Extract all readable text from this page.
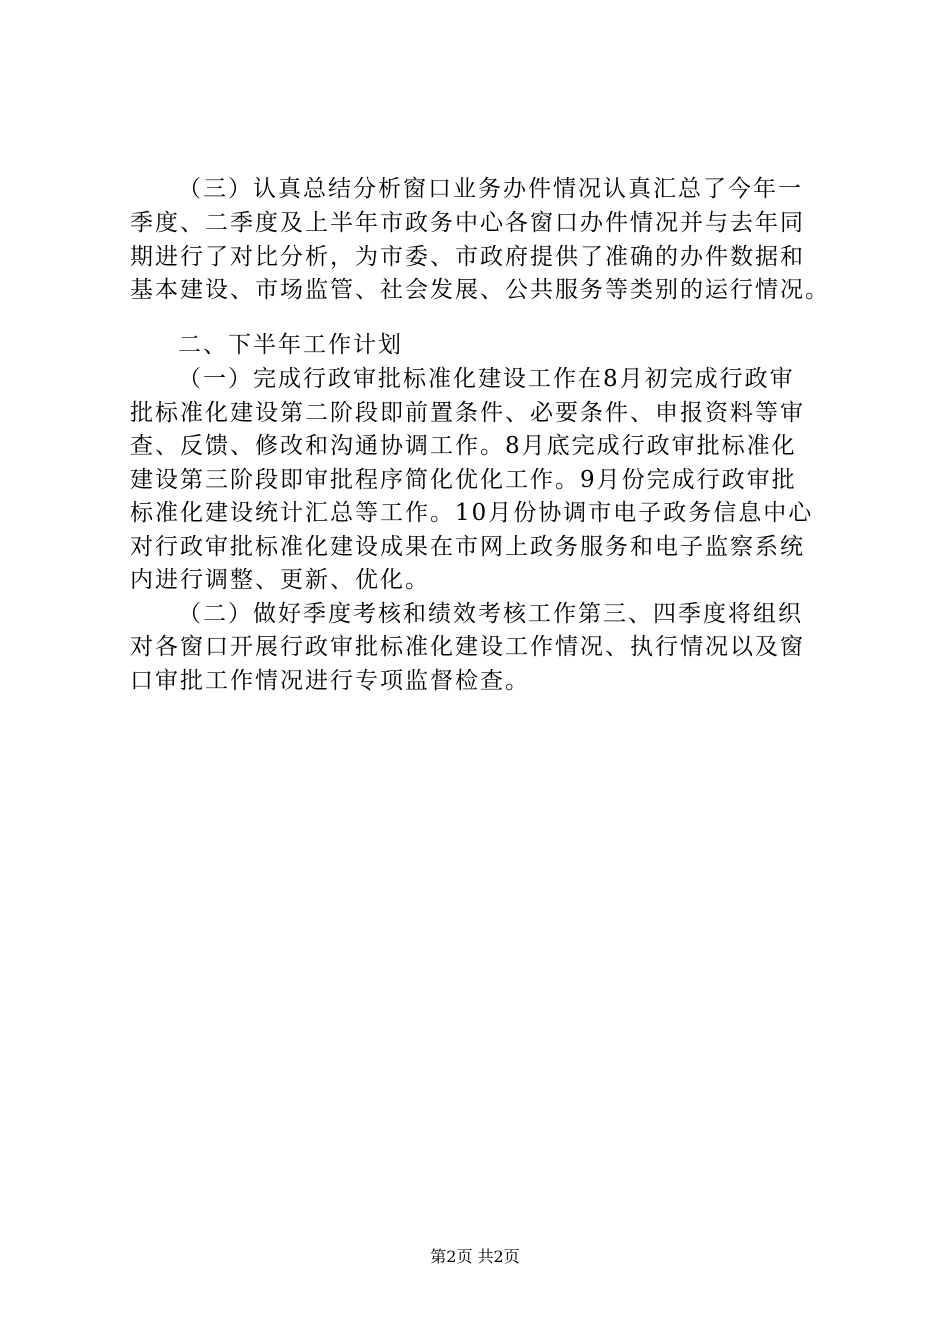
（三）认真总结分析窗口业务办件情况认真汇总了今年一
季度、二季度及上半年市政务中心各窗口办件情况并与去年同
期进行了对比分析，为市委、市政府提供了准确的办件数据和
基本建设、市场监管、社会发展、公共服务等类别的运行情况。
二、下半年工作计划
（一）完成行政审批标准化建设工作在8月初完成行政审
批标准化建设第二阶段即前置条件、必要条件、申报资料等审
查、反馈、修改和沟通协调工作。8月底完成行政审批标准化
建设第三阶段即审批程序简化优化工作。9月份完成行政审批
标准化建设统计汇总等工作。10月份协调市电子政务信息中心
对行政审批标准化建设成果在市网上政务服务和电子监察系统
内进行调整、更新、优化。
（二）做好季度考核和绩效考核工作第三、四季度将组织
对各窗口开展行政审批标准化建设工作情况、执行情况以及窗
口审批工作情况进行专项监督检查。
第2页 共2页
